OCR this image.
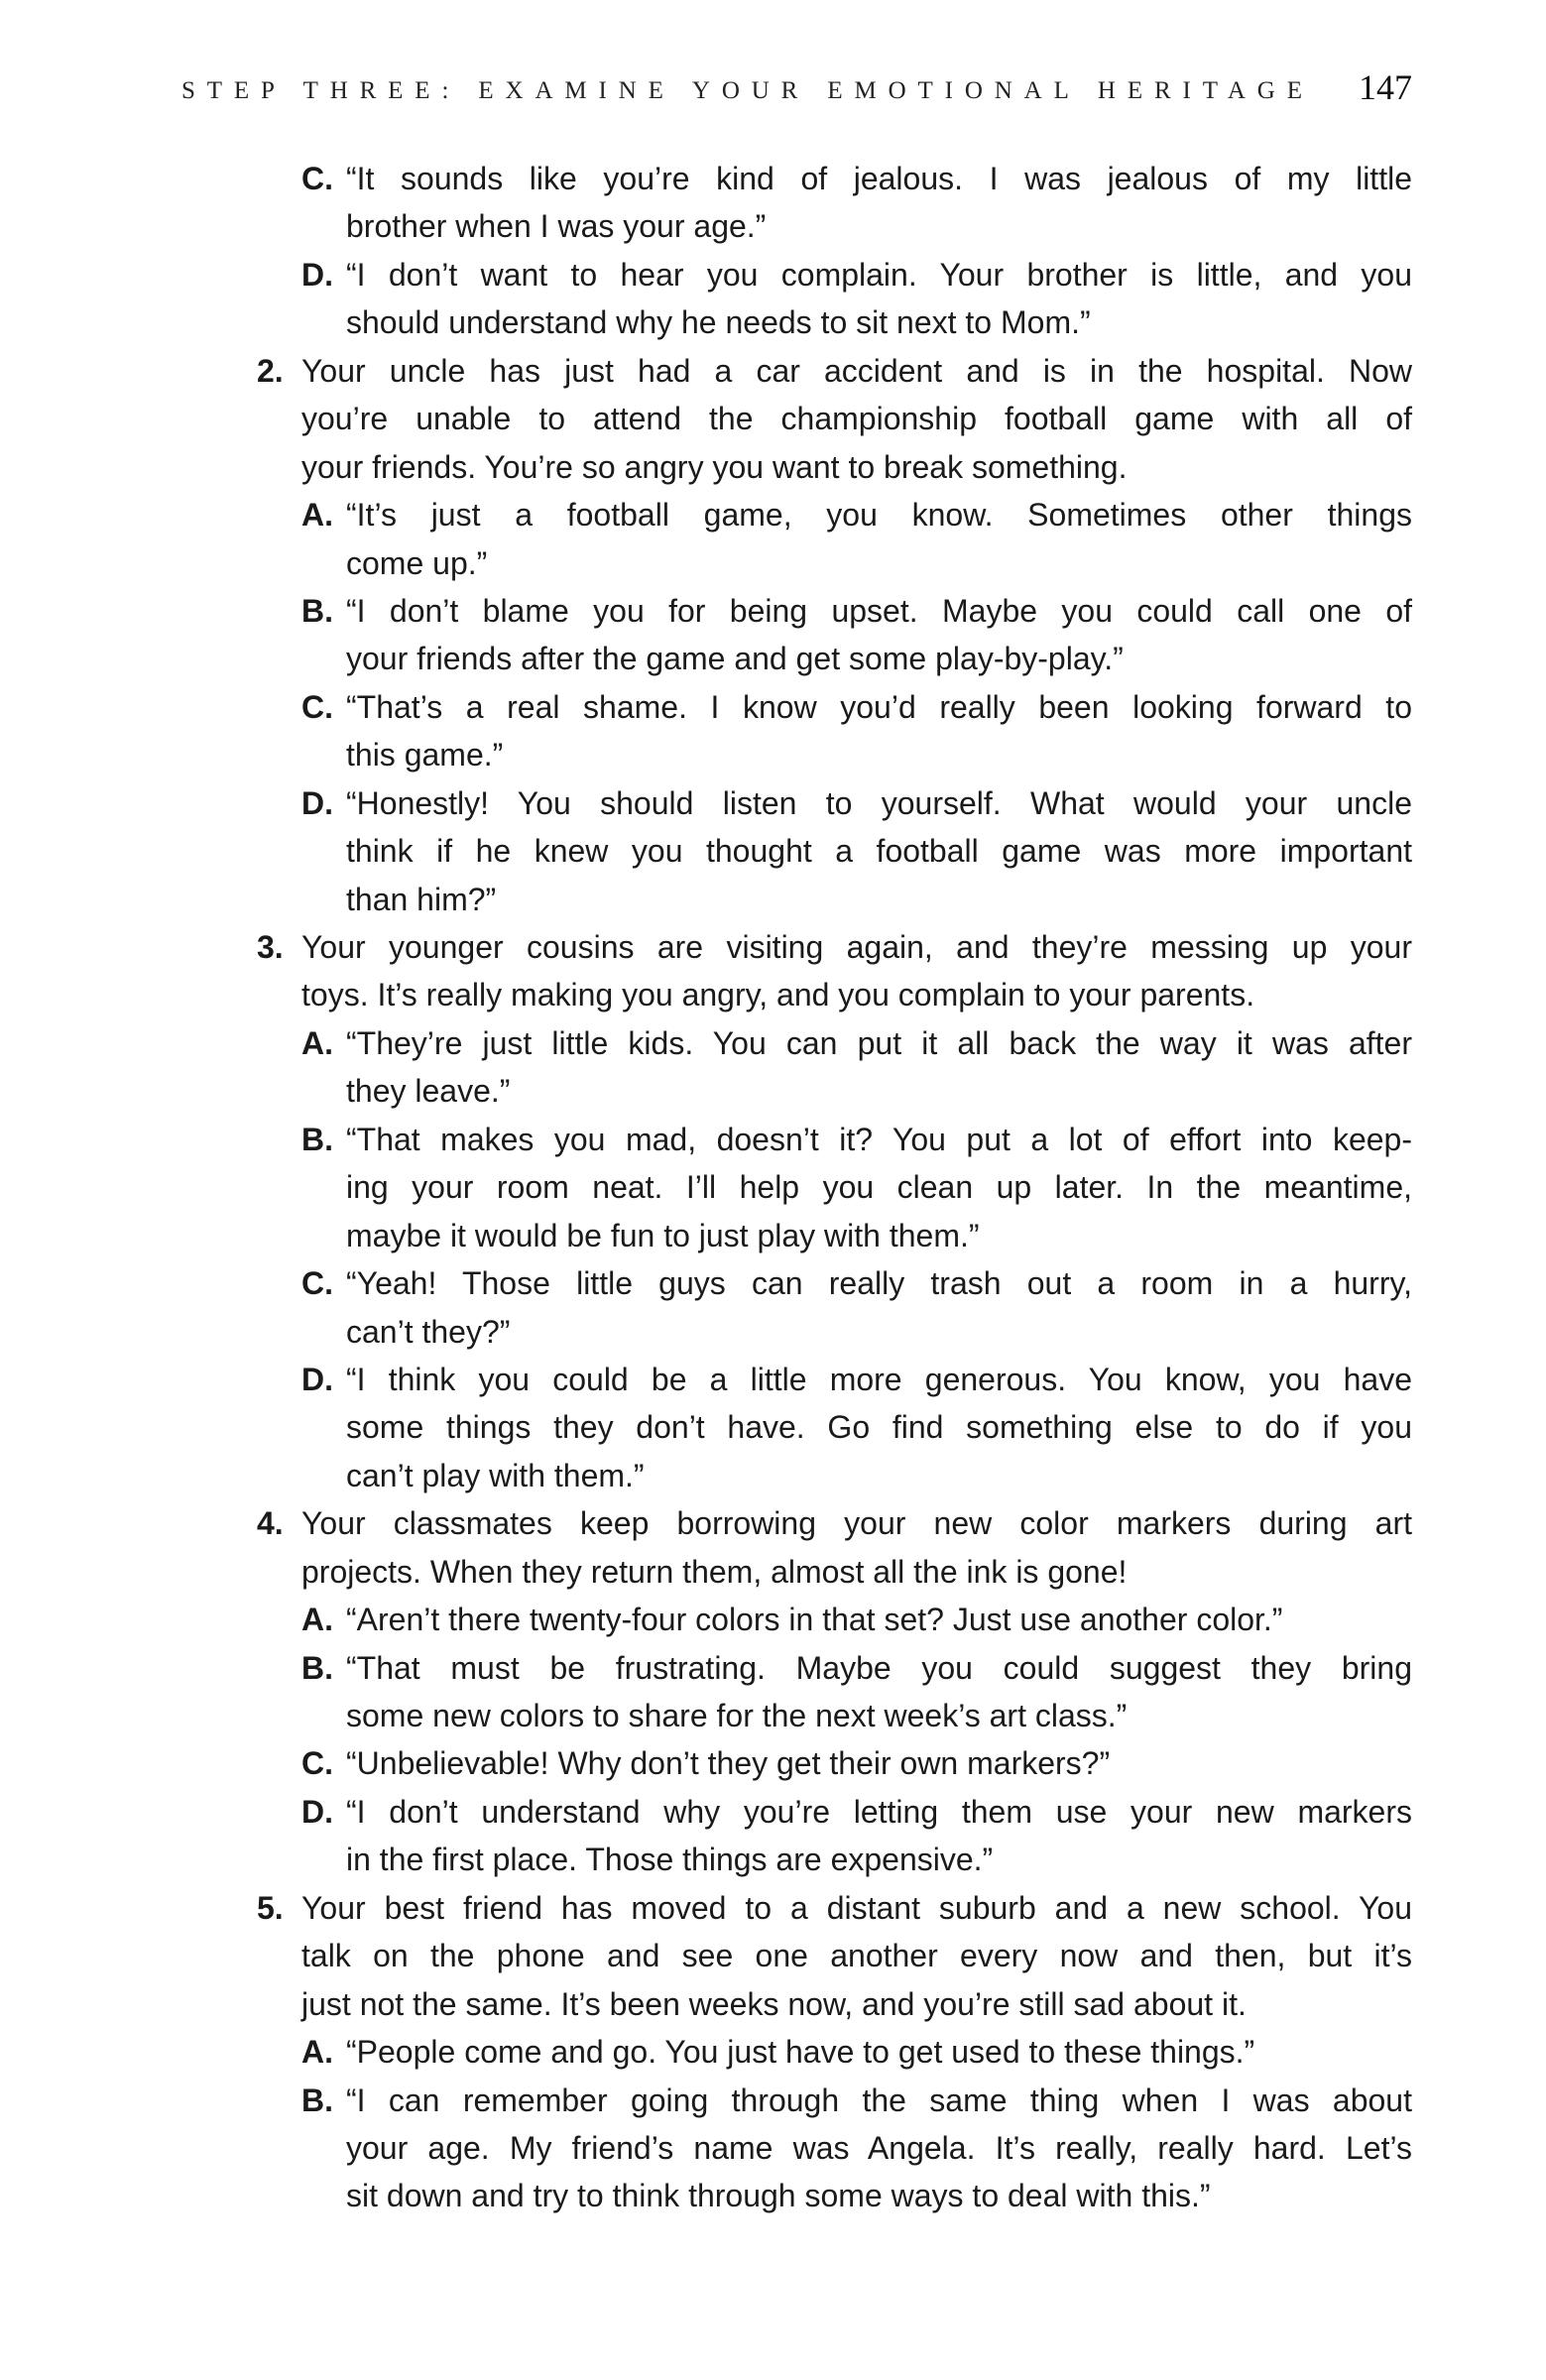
STEP THREE: EXAMINE YOUR EMOTIONAL HERITAGE	147
C. “It sounds like you’re kind of jealous. I was jealous of my little
brother when I was your age.”
D. “I don’t want to hear you complain. Your brother is little, and you
should understand why he needs to sit next to Mom.”
2. Your uncle has just had a car accident and is in the hospital. Now
you’re unable to attend the championship football game with all of
your friends. You’re so angry you want to break something.
A. “It’s just a football game, you know. Sometimes other things
come up.”
B. “I don’t blame you for being upset. Maybe you could call one of
your friends after the game and get some play-by-play.”
C. “That’s a real shame. I know you’d really been looking forward to
this game.”
D. “Honestly! You should listen to yourself. What would your uncle
think if he knew you thought a football game was more important
than him?”
3. Your younger cousins are visiting again, and they’re messing up your
toys. It’s really making you angry, and you complain to your parents.
A. “They’re just little kids. You can put it all back the way it was after
they leave.”
B. “That makes you mad, doesn’t it? You put a lot of effort into keep-
ing your room neat. I’ll help you clean up later. In the meantime,
maybe it would be fun to just play with them.”
C. “Yeah! Those little guys can really trash out a room in a hurry,
can’t they?”
D. “I think you could be a little more generous. You know, you have
some things they don’t have. Go find something else to do if you
can’t play with them.”
4. Your classmates keep borrowing your new color markers during art
projects. When they return them, almost all the ink is gone!
A. “Aren’t there twenty-four colors in that set? Just use another color.”
B. “That must be frustrating. Maybe you could suggest they bring
some new colors to share for the next week’s art class.”
C. “Unbelievable! Why don’t they get their own markers?”
D. “I don’t understand why you’re letting them use your new markers
in the first place. Those things are expensive.”
5. Your best friend has moved to a distant suburb and a new school. You
talk on the phone and see one another every now and then, but it’s
just not the same. It’s been weeks now, and you’re still sad about it.
A. “People come and go. You just have to get used to these things.”
B. “I can remember going through the same thing when I was about
your age. My friend’s name was Angela. It’s really, really hard. Let’s
sit down and try to think through some ways to deal with this.”
